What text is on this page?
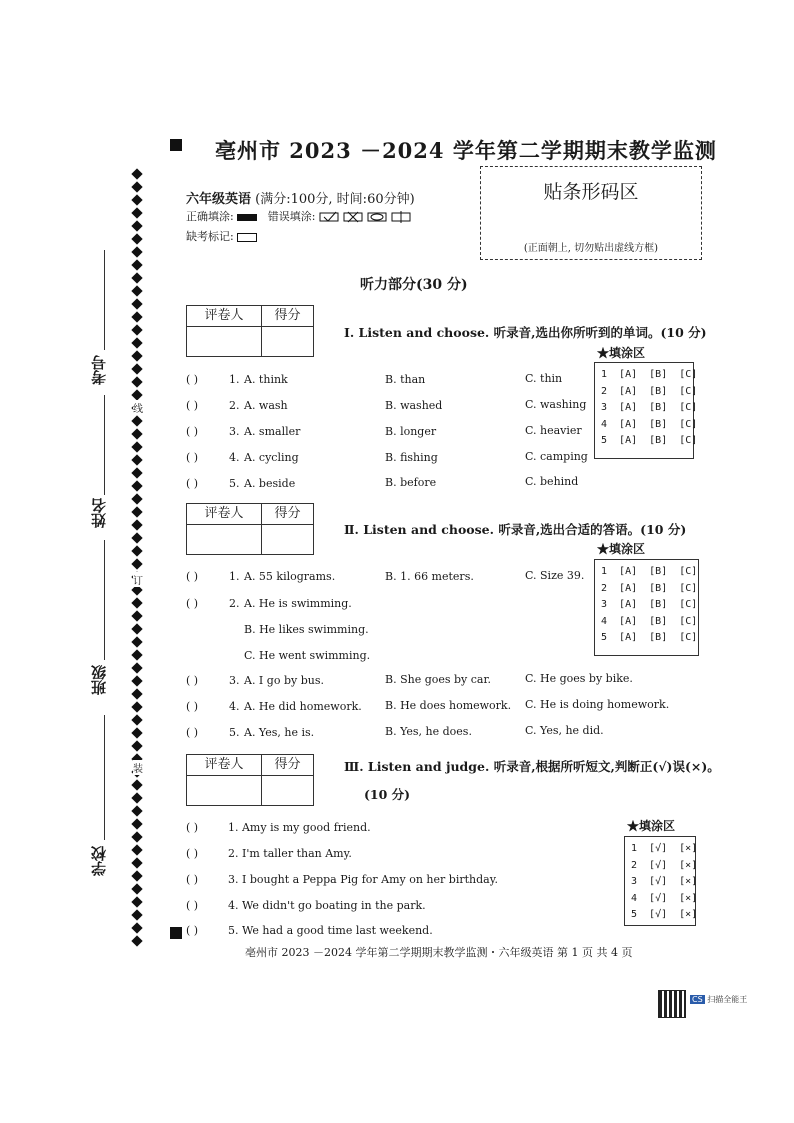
亳州市 2023 －2024 学年第二学期期末教学监测
六年级英语 (满分:100分, 时间:60分钟)
正确填涂:	错误填涂:
缺考标记:
贴条形码区
(正面朝上, 切勿贴出虚线方框)
考号
姓名
班级
学校
线
订
装
听力部分(30 分)
评卷人	得分
Ⅰ. Listen and choose. 听录音,选出你所听到的单词。(10 分)
★填涂区
1  [A]  [B]  [C]
2  [A]  [B]  [C]
3  [A]  [B]  [C]
4  [A]  [B]  [C]
5  [A]  [B]  [C]
( )	1. A. think	B. than	C. thin
( )	2. A. wash	B. washed	C. washing
( )	3. A. smaller	B. longer	C. heavier
( )	4. A. cycling	B. fishing	C. camping
( )	5. A. beside	B. before	C. behind
评卷人	得分
Ⅱ. Listen and choose. 听录音,选出合适的答语。(10 分)
★填涂区
1  [A]  [B]  [C]
2  [A]  [B]  [C]
3  [A]  [B]  [C]
4  [A]  [B]  [C]
5  [A]  [B]  [C]
( )	1. A. 55 kilograms.	B. 1. 66 meters.	C. Size 39.
( )	2. A. He is swimming.
B. He likes swimming.
C. He went swimming.
( )	3. A. I go by bus.	B. She goes by car.	C. He goes by bike.
( )	4. A. He did homework. B. He does homework. C. He is doing homework.
( )	5. A. Yes, he is.	B. Yes, he does.	C. Yes, he did.
评卷人	得分	Ⅲ. Listen and judge. 听录音,根据所听短文,判断正(√)误(×)。
(10 分)
★填涂区
1  [√]  [×]
2  [√]  [×]
3  [√]  [×]
4  [√]  [×]
5  [√]  [×]
( )	1. Amy is my good friend.
( )	2. I'm taller than Amy.
( )	3. I bought a Peppa Pig for Amy on her birthday.
( )	4. We didn't go boating in the park.
( )	5. We had a good time last weekend.
亳州市 2023 －2024 学年第二学期期末教学监测・六年级英语 第 1 页 共 4 页
CS 扫描全能王
